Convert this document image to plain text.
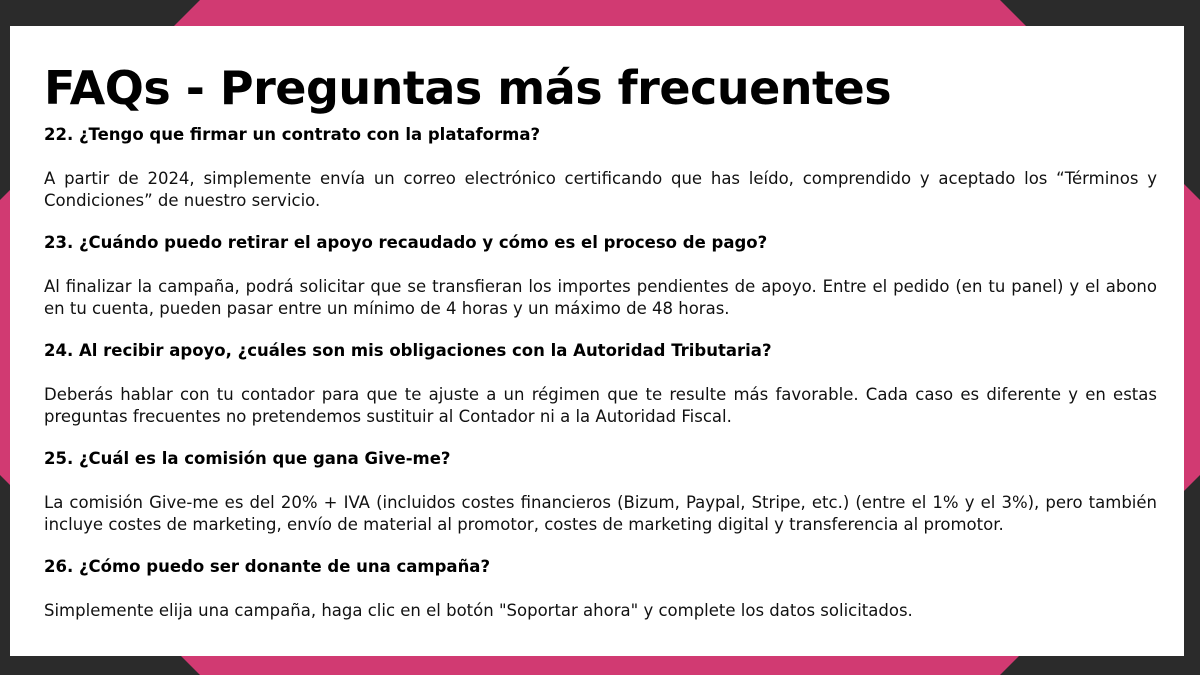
FAQs - Preguntas más frecuentes

22. ¿Tengo que firmar un contrato con la plataforma?

A partir de 2024, simplemente envía un correo electrónico certificando que has leído, comprendido y aceptado los “Términos y Condiciones” de nuestro servicio.

23. ¿Cuándo puedo retirar el apoyo recaudado y cómo es el proceso de pago?

Al finalizar la campaña, podrá solicitar que se transfieran los importes pendientes de apoyo. Entre el pedido (en tu panel) y el abono en tu cuenta, pueden pasar entre un mínimo de 4 horas y un máximo de 48 horas.

24. Al recibir apoyo, ¿cuáles son mis obligaciones con la Autoridad Tributaria?

Deberás hablar con tu contador para que te ajuste a un régimen que te resulte más favorable. Cada caso es diferente y en estas preguntas frecuentes no pretendemos sustituir al Contador ni a la Autoridad Fiscal.

25. ¿Cuál es la comisión que gana Give-me?

La comisión Give-me es del 20% + IVA (incluidos costes financieros (Bizum, Paypal, Stripe, etc.) (entre el 1% y el 3%), pero también incluye costes de marketing, envío de material al promotor, costes de marketing digital y transferencia al promotor.

26. ¿Cómo puedo ser donante de una campaña?

Simplemente elija una campaña, haga clic en el botón "Soportar ahora" y complete los datos solicitados.
